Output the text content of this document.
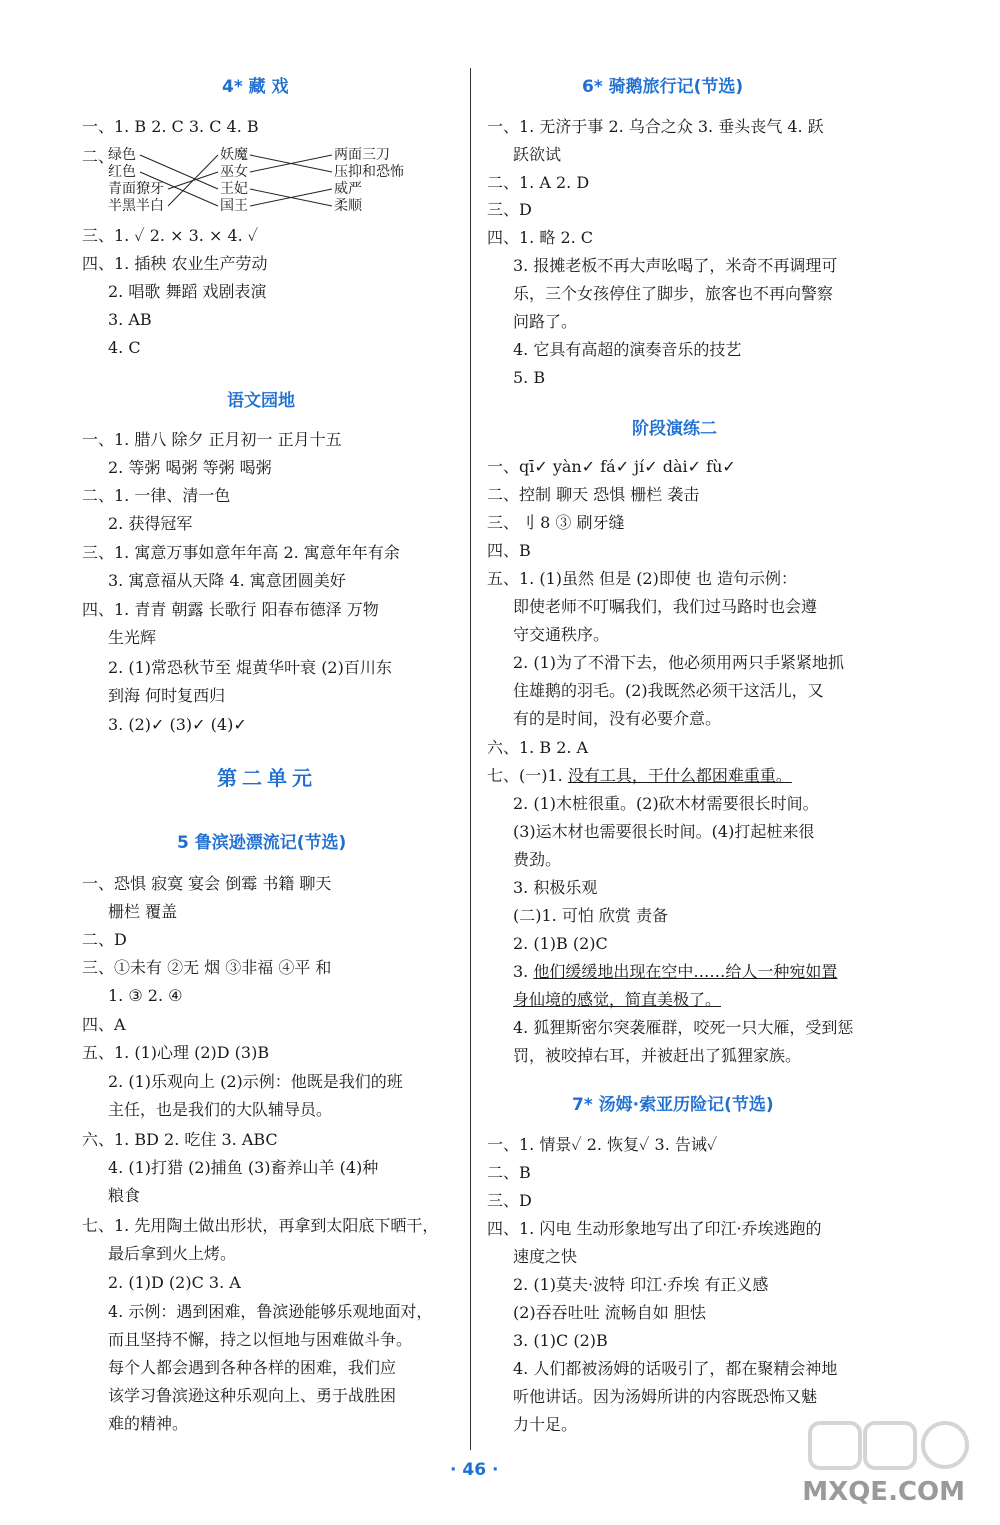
4* 藏 戏
一、1. B 2. C 3. C 4. B
二、
绿色
红色
青面獠牙
半黑半白
妖魔
巫女
王妃
国王
两面三刀
压抑和恐怖
威严
柔顺
三、1. ✓ 2. × 3. × 4. ✓
四、1. 插秧 农业生产劳动
2. 唱歌 舞蹈 戏剧表演
3. AB
4. C
语文园地
一、1. 腊八 除夕 正月初一 正月十五
2. 等粥 喝粥 等粥 喝粥
二、1. 一律、清一色
2. 获得冠军
三、1. 寓意万事如意年年高 2. 寓意年年有余
3. 寓意福从天降 4. 寓意团圆美好
四、1. 青青 朝露 长歌行 阳春布德泽 万物
生光辉
2. (1)常恐秋节至 焜黄华叶衰 (2)百川东
到海 何时复西归
3. (2)✓ (3)✓ (4)✓
第二单元
5 鲁滨逊漂流记(节选)
一、恐惧 寂寞 宴会 倒霉 书籍 聊天
栅栏 覆盖
二、D
三、①未有 ②无 烟 ③非福 ④平 和
1. ③ 2. ④
四、A
五、1. (1)心理 (2)D (3)B
2. (1)乐观向上 (2)示例：他既是我们的班
主任，也是我们的大队辅导员。
六、1. BD 2. 吃住 3. ABC
4. (1)打猎 (2)捕鱼 (3)畜养山羊 (4)种
粮食
七、1. 先用陶土做出形状，再拿到太阳底下晒干，
最后拿到火上烤。
2. (1)D (2)C 3. A
4. 示例：遇到困难，鲁滨逊能够乐观地面对，
而且坚持不懈，持之以恒地与困难做斗争。
每个人都会遇到各种各样的困难，我们应
该学习鲁滨逊这种乐观向上、勇于战胜困
难的精神。
6* 骑鹅旅行记(节选)
一、1. 无济于事 2. 乌合之众 3. 垂头丧气 4. 跃
跃欲试
二、1. A 2. D
三、D
四、1. 略 2. C
3. 报摊老板不再大声吆喝了，米奇不再调理可
乐，三个女孩停住了脚步，旅客也不再向警察
问路了。
4. 它具有高超的演奏音乐的技艺
5. B
阶段演练二
一、qī✓ yàn✓ fá✓ jí✓ dài✓ fù✓
二、控制 聊天 恐惧 栅栏 袭击
三、刂 8 ③ 刷牙缝
四、B
五、1. (1)虽然 但是 (2)即使 也 造句示例：
即使老师不叮嘱我们，我们过马路时也会遵
守交通秩序。
2. (1)为了不滑下去，他必须用两只手紧紧地抓
住雄鹅的羽毛。(2)我既然必须干这活儿，又
有的是时间，没有必要介意。
六、1. B 2. A
七、(一)1. 没有工具，干什么都困难重重。
2. (1)木桩很重。(2)砍木材需要很长时间。
(3)运木材也需要很长时间。(4)打起桩来很
费劲。
3. 积极乐观
(二)1. 可怕 欣赏 责备
2. (1)B (2)C
3. 他们缓缓地出现在空中……给人一种宛如置
身仙境的感觉，简直美极了。
4. 狐狸斯密尔突袭雁群，咬死一只大雁，受到惩
罚，被咬掉右耳，并被赶出了狐狸家族。
7* 汤姆·索亚历险记(节选)
一、1. 情景✓ 2. 恢复✓ 3. 告诫✓
二、B
三、D
四、1. 闪电 生动形象地写出了印江·乔埃逃跑的
速度之快
2. (1)莫夫·波特 印江·乔埃 有正义感
(2)吞吞吐吐 流畅自如 胆怯
3. (1)C (2)B
4. 人们都被汤姆的话吸引了，都在聚精会神地
听他讲话。因为汤姆所讲的内容既恐怖又魅
力十足。
· 46 ·
MXQE.COM
